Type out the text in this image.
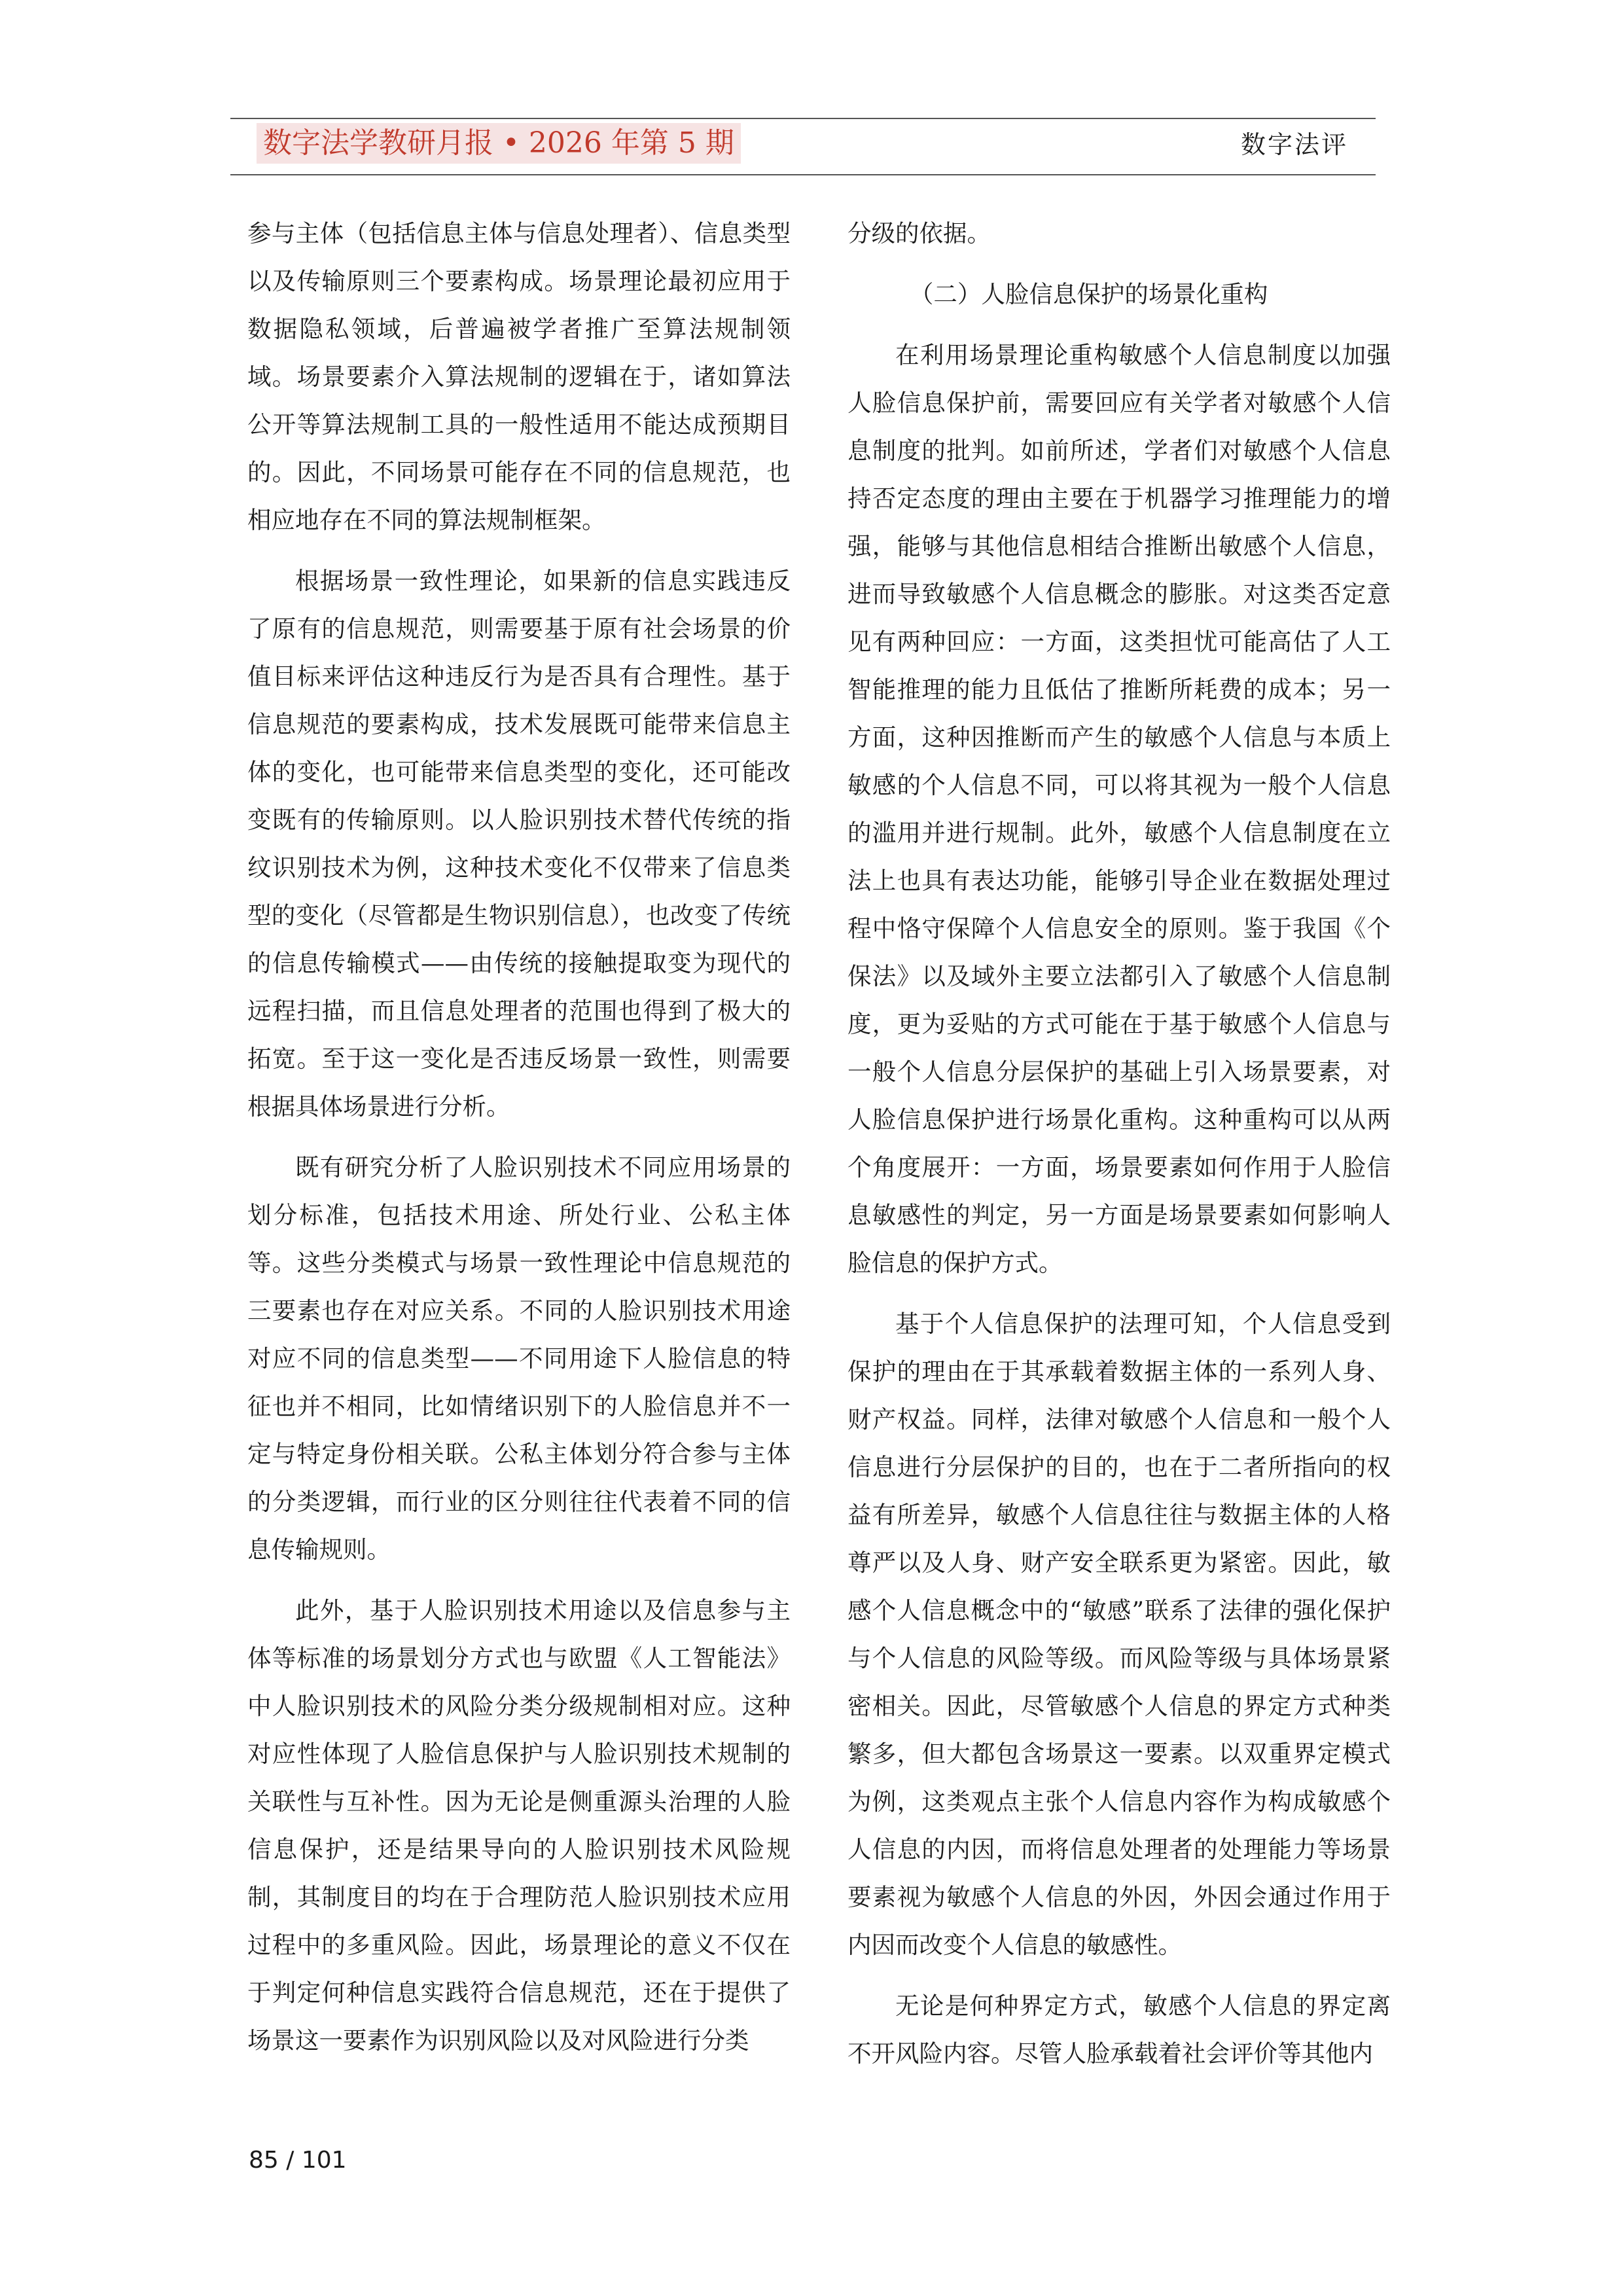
数字法学教研月报 • 2026 年第 5 期	数字法评

参与主体（包括信息主体与信息处理者）、信息类型以及传输原则三个要素构成。场景理论最初应用于数据隐私领域，后普遍被学者推广至算法规制领域。场景要素介入算法规制的逻辑在于，诸如算法公开等算法规制工具的一般性适用不能达成预期目的。因此，不同场景可能存在不同的信息规范，也相应地存在不同的算法规制框架。

根据场景一致性理论，如果新的信息实践违反了原有的信息规范，则需要基于原有社会场景的价值目标来评估这种违反行为是否具有合理性。基于信息规范的要素构成，技术发展既可能带来信息主体的变化，也可能带来信息类型的变化，还可能改变既有的传输原则。以人脸识别技术替代传统的指纹识别技术为例，这种技术变化不仅带来了信息类型的变化（尽管都是生物识别信息），也改变了传统的信息传输模式——由传统的接触提取变为现代的远程扫描，而且信息处理者的范围也得到了极大的拓宽。至于这一变化是否违反场景一致性，则需要根据具体场景进行分析。

既有研究分析了人脸识别技术不同应用场景的划分标准，包括技术用途、所处行业、公私主体等。这些分类模式与场景一致性理论中信息规范的三要素也存在对应关系。不同的人脸识别技术用途对应不同的信息类型——不同用途下人脸信息的特征也并不相同，比如情绪识别下的人脸信息并不一定与特定身份相关联。公私主体划分符合参与主体的分类逻辑，而行业的区分则往往代表着不同的信息传输规则。

此外，基于人脸识别技术用途以及信息参与主体等标准的场景划分方式也与欧盟《人工智能法》中人脸识别技术的风险分类分级规制相对应。这种对应性体现了人脸信息保护与人脸识别技术规制的关联性与互补性。因为无论是侧重源头治理的人脸信息保护，还是结果导向的人脸识别技术风险规制，其制度目的均在于合理防范人脸识别技术应用过程中的多重风险。因此，场景理论的意义不仅在于判定何种信息实践符合信息规范，还在于提供了场景这一要素作为识别风险以及对风险进行分类

分级的依据。

（二）人脸信息保护的场景化重构

在利用场景理论重构敏感个人信息制度以加强人脸信息保护前，需要回应有关学者对敏感个人信息制度的批判。如前所述，学者们对敏感个人信息持否定态度的理由主要在于机器学习推理能力的增强，能够与其他信息相结合推断出敏感个人信息，进而导致敏感个人信息概念的膨胀。对这类否定意见有两种回应：一方面，这类担忧可能高估了人工智能推理的能力且低估了推断所耗费的成本；另一方面，这种因推断而产生的敏感个人信息与本质上敏感的个人信息不同，可以将其视为一般个人信息的滥用并进行规制。此外，敏感个人信息制度在立法上也具有表达功能，能够引导企业在数据处理过程中恪守保障个人信息安全的原则。鉴于我国《个保法》以及域外主要立法都引入了敏感个人信息制度，更为妥贴的方式可能在于基于敏感个人信息与一般个人信息分层保护的基础上引入场景要素，对人脸信息保护进行场景化重构。这种重构可以从两个角度展开：一方面，场景要素如何作用于人脸信息敏感性的判定，另一方面是场景要素如何影响人脸信息的保护方式。

基于个人信息保护的法理可知，个人信息受到保护的理由在于其承载着数据主体的一系列人身、财产权益。同样，法律对敏感个人信息和一般个人信息进行分层保护的目的，也在于二者所指向的权益有所差异，敏感个人信息往往与数据主体的人格尊严以及人身、财产安全联系更为紧密。因此，敏感个人信息概念中的“敏感”联系了法律的强化保护与个人信息的风险等级。而风险等级与具体场景紧密相关。因此，尽管敏感个人信息的界定方式种类繁多，但大都包含场景这一要素。以双重界定模式为例，这类观点主张个人信息内容作为构成敏感个人信息的内因，而将信息处理者的处理能力等场景要素视为敏感个人信息的外因，外因会通过作用于内因而改变个人信息的敏感性。

无论是何种界定方式，敏感个人信息的界定离不开风险内容。尽管人脸承载着社会评价等其他内

85 / 101
